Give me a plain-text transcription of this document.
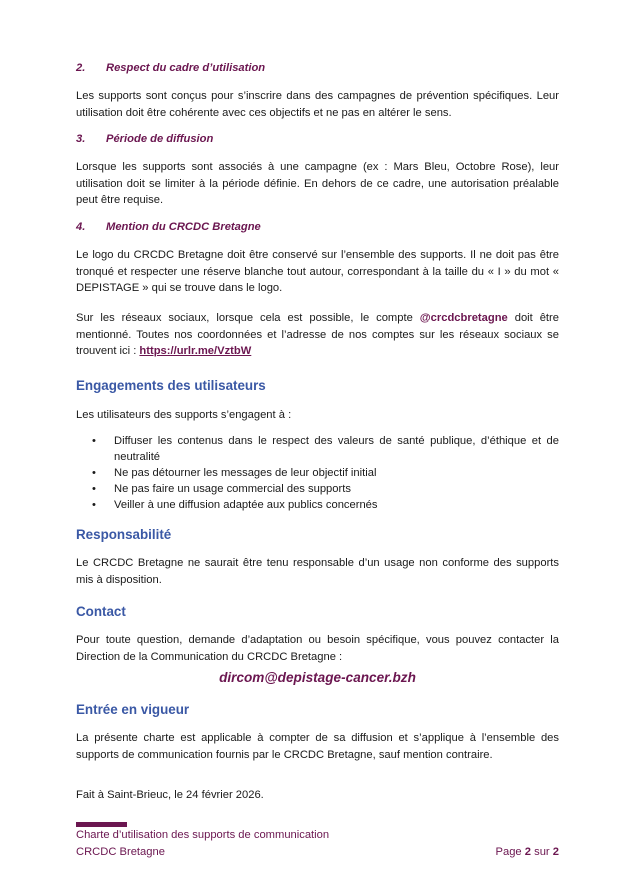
2. Respect du cadre d’utilisation
Les supports sont conçus pour s’inscrire dans des campagnes de prévention spécifiques. Leur utilisation doit être cohérente avec ces objectifs et ne pas en altérer le sens.
3. Période de diffusion
Lorsque les supports sont associés à une campagne (ex : Mars Bleu, Octobre Rose), leur utilisation doit se limiter à la période définie. En dehors de ce cadre, une autorisation préalable peut être requise.
4. Mention du CRCDC Bretagne
Le logo du CRCDC Bretagne doit être conservé sur l’ensemble des supports. Il ne doit pas être tronqué et respecter une réserve blanche tout autour, correspondant à la taille du « I » du mot « DEPISTAGE » qui se trouve dans le logo.
Sur les réseaux sociaux, lorsque cela est possible, le compte @crcdcbretagne doit être mentionné. Toutes nos coordonnées et l’adresse de nos comptes sur les réseaux sociaux se trouvent ici : https://urlr.me/VztbW
Engagements des utilisateurs
Les utilisateurs des supports s’engagent à :
• Diffuser les contenus dans le respect des valeurs de santé publique, d’éthique et de neutralité
• Ne pas détourner les messages de leur objectif initial
• Ne pas faire un usage commercial des supports
• Veiller à une diffusion adaptée aux publics concernés
Responsabilité
Le CRCDC Bretagne ne saurait être tenu responsable d’un usage non conforme des supports mis à disposition.
Contact
Pour toute question, demande d’adaptation ou besoin spécifique, vous pouvez contacter la Direction de la Communication du CRCDC Bretagne :
dircom@depistage-cancer.bzh
Entrée en vigueur
La présente charte est applicable à compter de sa diffusion et s’applique à l’ensemble des supports de communication fournis par le CRCDC Bretagne, sauf mention contraire.
Fait à Saint-Brieuc, le 24 février 2026.
Charte d’utilisation des supports de communication
CRCDC Bretagne	Page 2 sur 2
